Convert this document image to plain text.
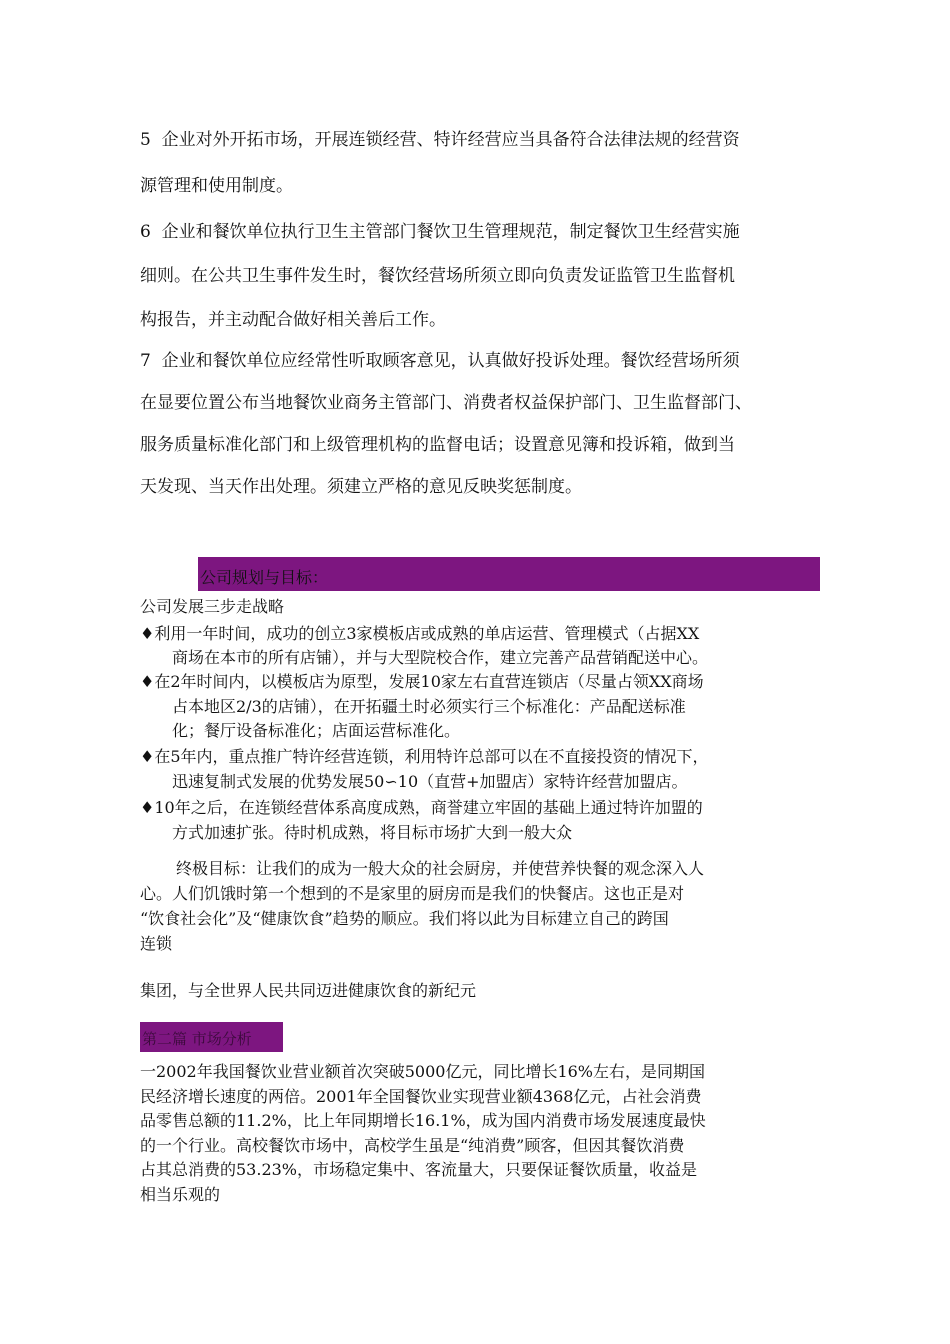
5 企业对外开拓市场，开展连锁经营、特许经营应当具备符合法律法规的经营资
源管理和使用制度。
6 企业和餐饮单位执行卫生主管部门餐饮卫生管理规范，制定餐饮卫生经营实施
细则。在公共卫生事件发生时，餐饮经营场所须立即向负责发证监管卫生监督机
构报告，并主动配合做好相关善后工作。
7 企业和餐饮单位应经常性听取顾客意见，认真做好投诉处理。餐饮经营场所须
在显要位置公布当地餐饮业商务主管部门、消费者权益保护部门、卫生监督部门、
服务质量标准化部门和上级管理机构的监督电话；设置意见簿和投诉箱，做到当
天发现、当天作出处理。须建立严格的意见反映奖惩制度。
公司规划与目标：
公司发展三步走战略
♦利用一年时间，成功的创立3家模板店或成熟的单店运营、管理模式（占据XX
商场在本市的所有店铺），并与大型院校合作，建立完善产品营销配送中心。
♦在2年时间内，以模板店为原型，发展10家左右直营连锁店（尽量占领XX商场
占本地区2/3的店铺），在开拓疆土时必须实行三个标准化：产品配送标准
化；餐厅设备标准化；店面运营标准化。
♦在5年内，重点推广特许经营连锁，利用特许总部可以在不直接投资的情况下，
迅速复制式发展的优势发展50∽10（直营+加盟店）家特许经营加盟店。
♦10年之后，在连锁经营体系高度成熟，商誉建立牢固的基础上通过特许加盟的
方式加速扩张。待时机成熟，将目标市场扩大到一般大众
终极目标：让我们的成为一般大众的社会厨房，并使营养快餐的观念深入人
心。人们饥饿时第一个想到的不是家里的厨房而是我们的快餐店。这也正是对
“饮食社会化”及“健康饮食”趋势的顺应。我们将以此为目标建立自己的跨国
连锁
集团，与全世界人民共同迈进健康饮食的新纪元
第二篇 市场分析
一2002年我国餐饮业营业额首次突破5000亿元，同比增长16%左右，是同期国
民经济增长速度的两倍。2001年全国餐饮业实现营业额4368亿元，占社会消费
品零售总额的11.2%，比上年同期增长16.1%，成为国内消费市场发展速度最快
的一个行业。高校餐饮市场中，高校学生虽是“纯消费”顾客，但因其餐饮消费
占其总消费的53.23%，市场稳定集中、客流量大，只要保证餐饮质量，收益是
相当乐观的
